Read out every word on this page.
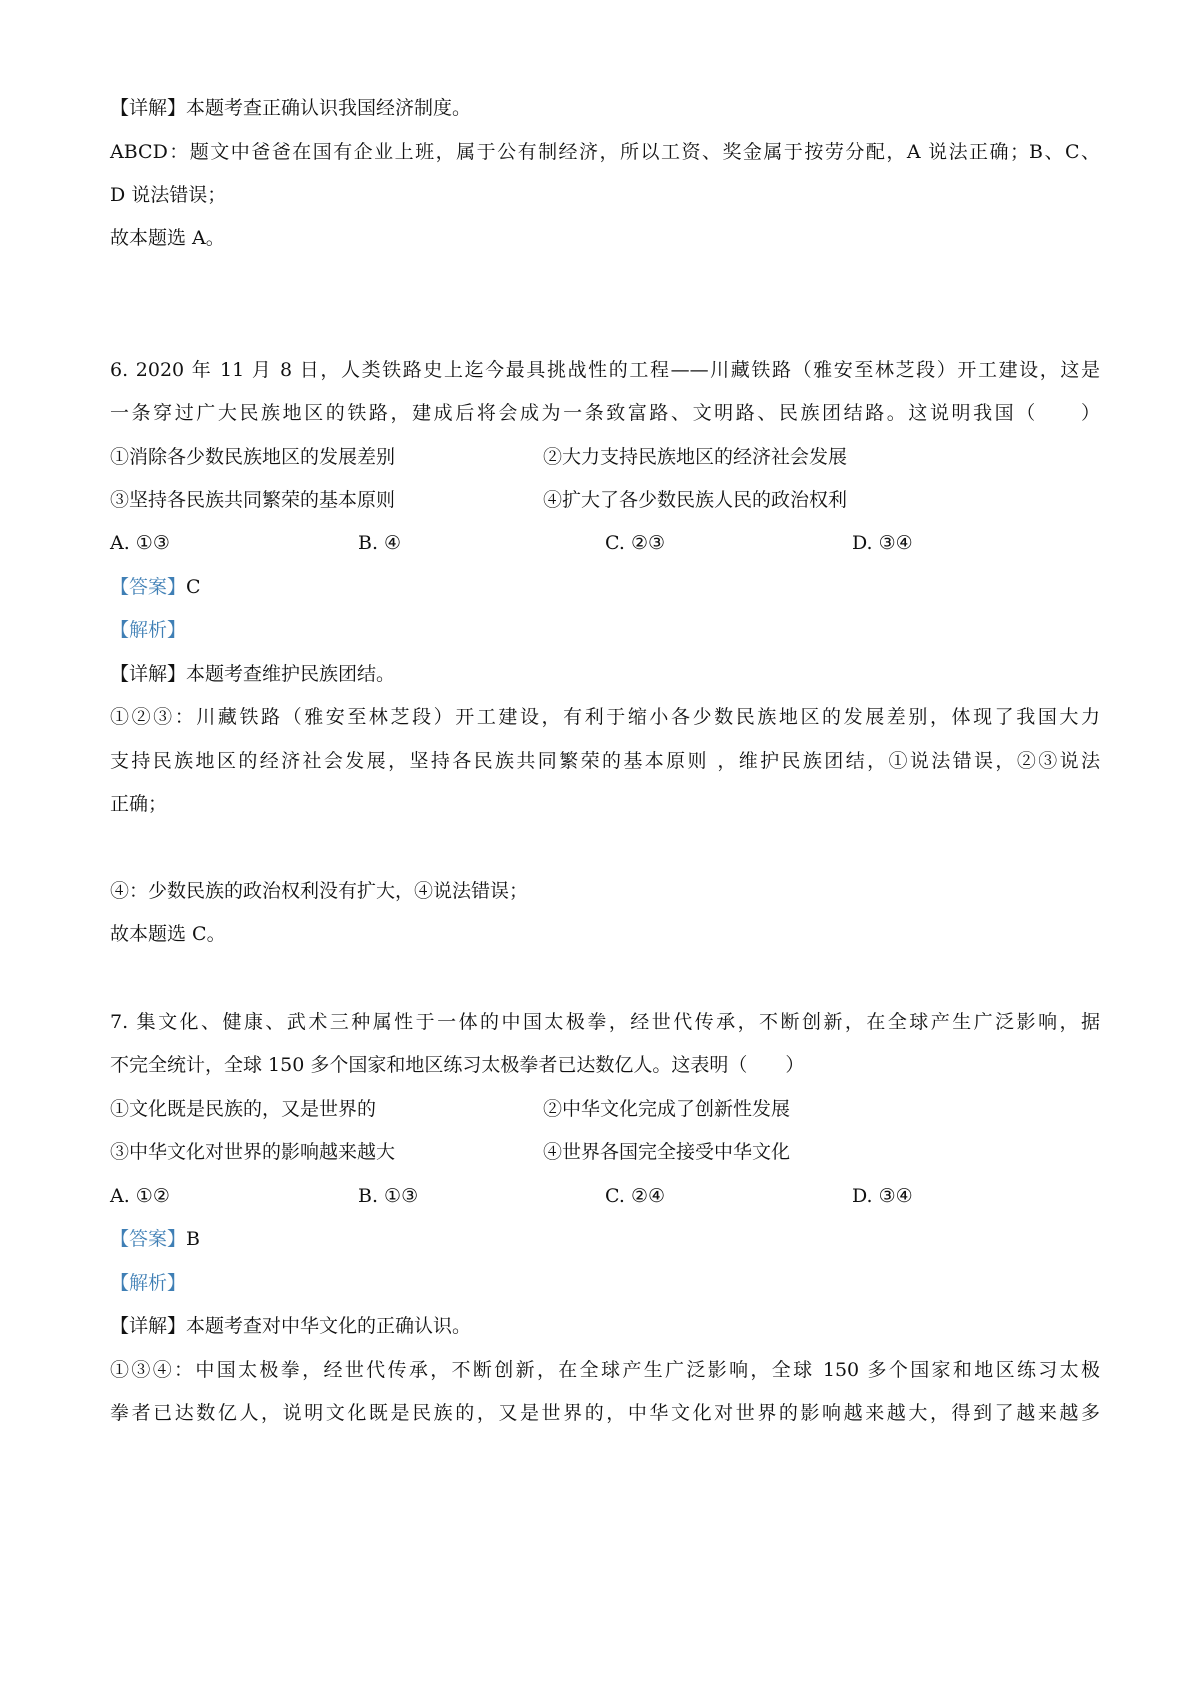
【详解】本题考查正确认识我国经济制度。
ABCD：题文中爸爸在国有企业上班，属于公有制经济，所以工资、奖金属于按劳分配，A 说法正确；B、C、
D 说法错误；
故本题选 A。
6. 2020 年 11 月 8 日，人类铁路史上迄今最具挑战性的工程——川藏铁路（雅安至林芝段）开工建设，这是
一条穿过广大民族地区的铁路，建成后将会成为一条致富路、文明路、民族团结路。这说明我国（　　）
①消除各少数民族地区的发展差别	②大力支持民族地区的经济社会发展
③坚持各民族共同繁荣的基本原则	④扩大了各少数民族人民的政治权利
A. ①③	B. ④	C. ②③	D. ③④
【答案】C
【解析】
【详解】本题考查维护民族团结。
①②③：川藏铁路（雅安至林芝段）开工建设，有利于缩小各少数民族地区的发展差别，体现了我国大力
支持民族地区的经济社会发展，坚持各民族共同繁荣的基本原则 ，维护民族团结，①说法错误，②③说法
正确；
④：少数民族的政治权利没有扩大，④说法错误；
故本题选 C。
7. 集文化、健康、武术三种属性于一体的中国太极拳，经世代传承，不断创新，在全球产生广泛影响，据
不完全统计，全球 150 多个国家和地区练习太极拳者已达数亿人。这表明（　　）
①文化既是民族的，又是世界的	②中华文化完成了创新性发展
③中华文化对世界的影响越来越大	④世界各国完全接受中华文化
A. ①②	B. ①③	C. ②④	D. ③④
【答案】B
【解析】
【详解】本题考查对中华文化的正确认识。
①③④：中国太极拳，经世代传承，不断创新，在全球产生广泛影响，全球 150 多个国家和地区练习太极
拳者已达数亿人，说明文化既是民族的，又是世界的，中华文化对世界的影响越来越大，得到了越来越多
